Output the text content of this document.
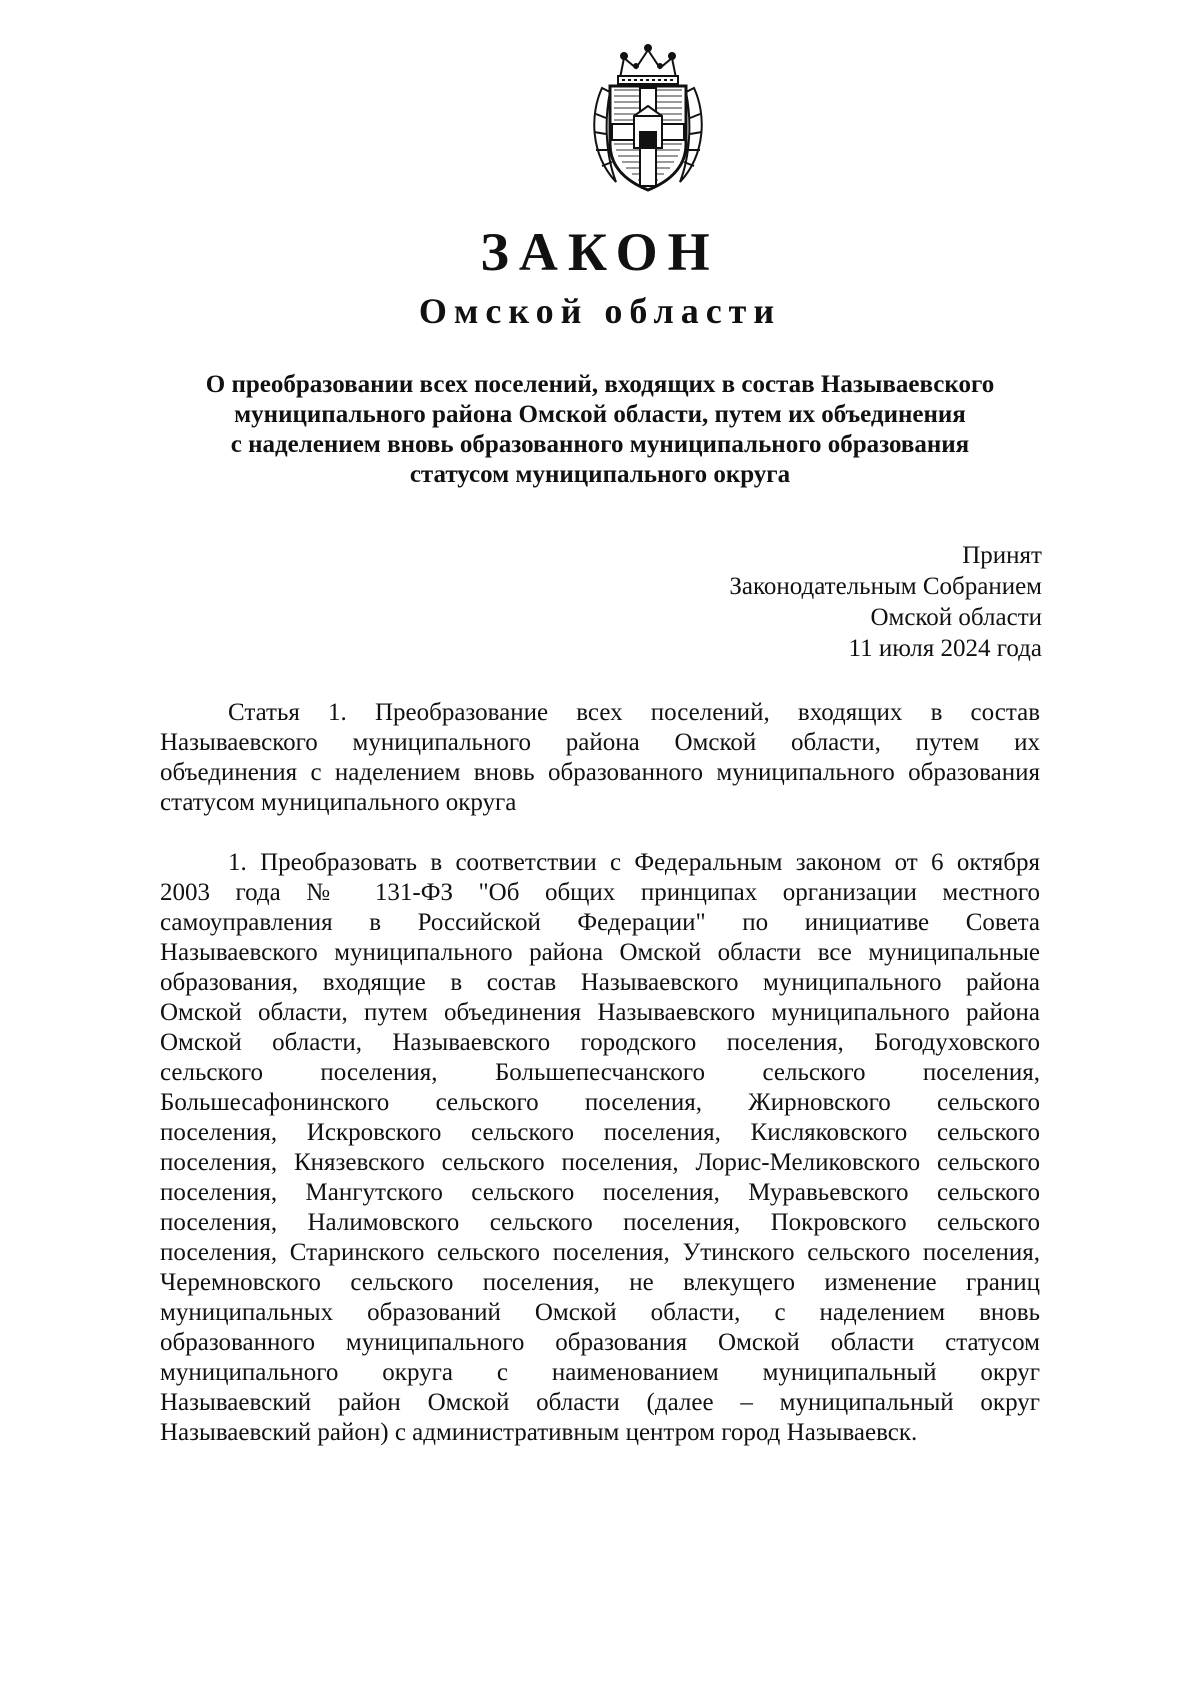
ЗАКОН
Омской области
О преобразовании всех поселений, входящих в состав Называевского
муниципального района Омской области, путем их объединения
с наделением вновь образованного муниципального образования
статусом муниципального округа
Принят
Законодательным Собранием
Омской области
11 июля 2024 года
Статья 1. Преобразование всех поселений, входящих в состав
Называевского муниципального района Омской области, путем их
объединения с наделением вновь образованного муниципального образования
статусом муниципального округа
1. Преобразовать в соответствии с Федеральным законом от 6 октября
2003 года № 131-ФЗ "Об общих принципах организации местного
самоуправления в Российской Федерации" по инициативе Совета
Называевского муниципального района Омской области все муниципальные
образования, входящие в состав Называевского муниципального района
Омской области, путем объединения Называевского муниципального района
Омской области, Называевского городского поселения, Богодуховского
сельского поселения, Большепесчанского сельского поселения,
Большесафонинского сельского поселения, Жирновского сельского
поселения, Искровского сельского поселения, Кисляковского сельского
поселения, Князевского сельского поселения, Лорис-Меликовского сельского
поселения, Мангутского сельского поселения, Муравьевского сельского
поселения, Налимовского сельского поселения, Покровского сельского
поселения, Старинского сельского поселения, Утинского сельского поселения,
Черемновского сельского поселения, не влекущего изменение границ
муниципальных образований Омской области, с наделением вновь
образованного муниципального образования Омской области статусом
муниципального округа с наименованием муниципальный округ
Называевский район Омской области (далее – муниципальный округ
Называевский район) с административным центром город Называевск.
